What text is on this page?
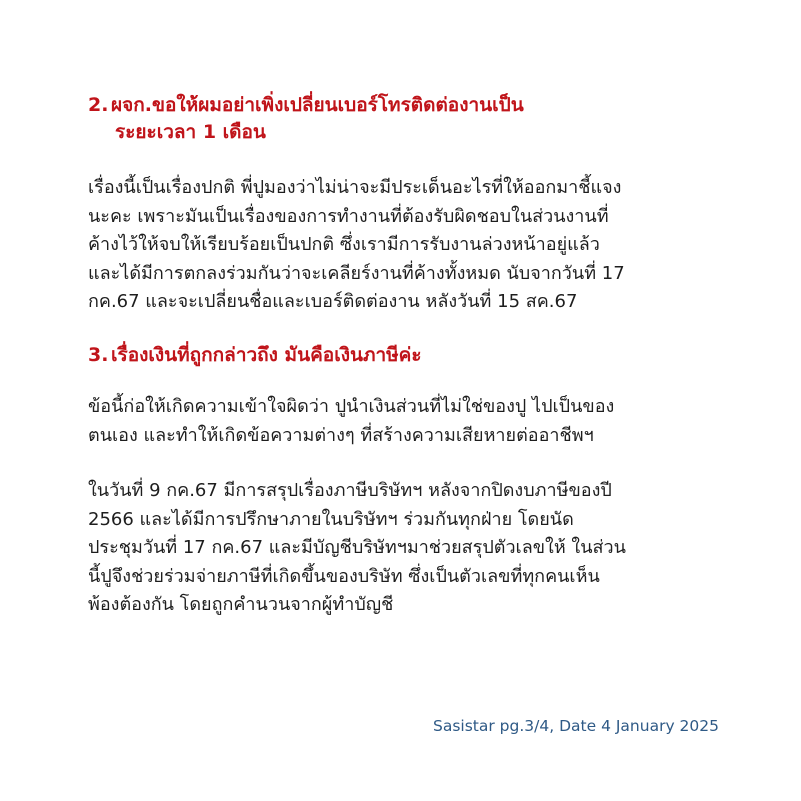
2. ผจก.ขอให้ผมอย่าเพิ่งเปลี่ยนเบอร์โทรติดต่องานเป็น
ระยะเวลา 1 เดือน

เรื่องนี้เป็นเรื่องปกติ พี่ปูมองว่าไม่น่าจะมีประเด็นอะไรที่ให้ออกมาชี้แจง
นะคะ เพราะมันเป็นเรื่องของการทำงานที่ต้องรับผิดชอบในส่วนงานที่
ค้างไว้ให้จบให้เรียบร้อยเป็นปกติ ซึ่งเรามีการรับงานล่วงหน้าอยู่แล้ว
และได้มีการตกลงร่วมกันว่าจะเคลียร์งานที่ค้างทั้งหมด นับจากวันที่ 17
กค.67 และจะเปลี่ยนชื่อและเบอร์ติดต่องาน หลังวันที่ 15 สค.67

3. เรื่องเงินที่ถูกกล่าวถึง มันคือเงินภาษีค่ะ

ข้อนี้ก่อให้เกิดความเข้าใจผิดว่า ปูนำเงินส่วนที่ไม่ใช่ของปู ไปเป็นของ
ตนเอง และทำให้เกิดข้อความต่างๆ ที่สร้างความเสียหายต่ออาชีพฯ

ในวันที่ 9 กค.67 มีการสรุปเรื่องภาษีบริษัทฯ หลังจากปิดงบภาษีของปี
2566 และได้มีการปรึกษาภายในบริษัทฯ ร่วมกันทุกฝ่าย โดยนัด
ประชุมวันที่ 17 กค.67 และมีบัญชีบริษัทฯมาช่วยสรุปตัวเลขให้ ในส่วน
นี้ปูจึงช่วยร่วมจ่ายภาษีที่เกิดขึ้นของบริษัท ซึ่งเป็นตัวเลขที่ทุกคนเห็น
พ้องต้องกัน โดยถูกคำนวนจากผู้ทำบัญชี

Sasistar pg.3/4, Date 4 January 2025
